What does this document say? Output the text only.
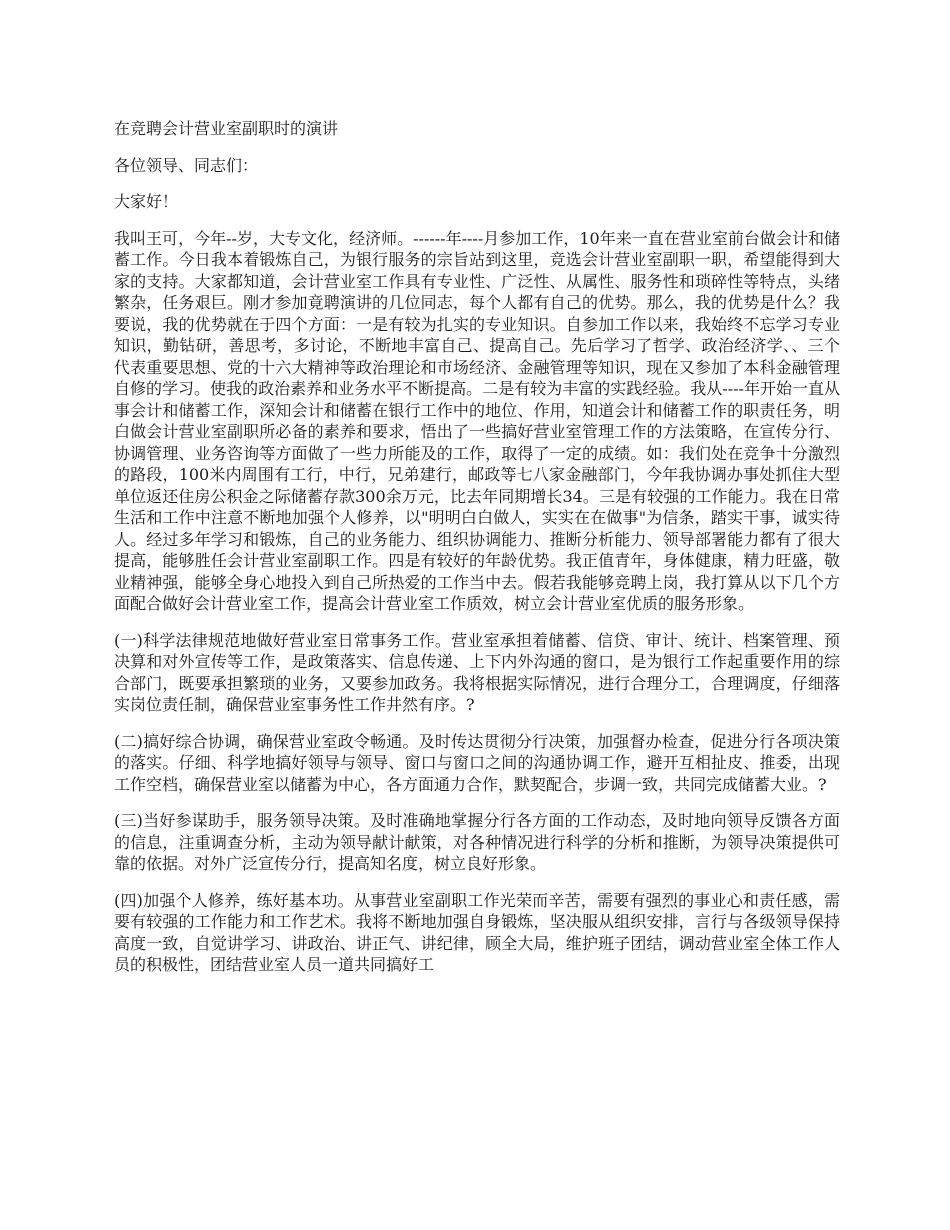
在竞聘会计营业室副职时的演讲

各位领导、同志们：

大家好！

我叫王可，今年--岁，大专文化，经济师。------年----月参加工作，10年来一直在营业室前台做会计和储蓄工作。今日我本着锻炼自己，为银行服务的宗旨站到这里，竞选会计营业室副职一职，希望能得到大家的支持。大家都知道，会计营业室工作具有专业性、广泛性、从属性、服务性和琐碎性等特点，头绪繁杂，任务艰巨。刚才参加竟聘演讲的几位同志，每个人都有自己的优势。那么，我的优势是什么？我要说，我的优势就在于四个方面：一是有较为扎实的专业知识。自参加工作以来，我始终不忘学习专业知识，勤钻研，善思考，多讨论，不断地丰富自己、提高自己。先后学习了哲学、政治经济学、、三个代表重要思想、党的十六大精神等政治理论和市场经济、金融管理等知识，现在又参加了本科金融管理自修的学习。使我的政治素养和业务水平不断提高。二是有较为丰富的实践经验。我从----年开始一直从事会计和储蓄工作，深知会计和储蓄在银行工作中的地位、作用，知道会计和储蓄工作的职责任务，明白做会计营业室副职所必备的素养和要求，悟出了一些搞好营业室管理工作的方法策略，在宣传分行、协调管理、业务咨询等方面做了一些力所能及的工作，取得了一定的成绩。如：我们处在竞争十分激烈的路段，100米内周围有工行，中行，兄弟建行，邮政等七八家金融部门，今年我协调办事处抓住大型单位返还住房公积金之际储蓄存款300余万元，比去年同期增长34。三是有较强的工作能力。我在日常生活和工作中注意不断地加强个人修养，以"明明白白做人，实实在在做事"为信条，踏实干事，诚实待人。经过多年学习和锻炼，自己的业务能力、组织协调能力、推断分析能力、领导部署能力都有了很大提高，能够胜任会计营业室副职工作。四是有较好的年龄优势。我正值青年，身体健康，精力旺盛，敬业精神强，能够全身心地投入到自己所热爱的工作当中去。假若我能够竞聘上岗，我打算从以下几个方面配合做好会计营业室工作，提高会计营业室工作质效，树立会计营业室优质的服务形象。

(一)科学法律规范地做好营业室日常事务工作。营业室承担着储蓄、信贷、审计、统计、档案管理、预决算和对外宣传等工作，是政策落实、信息传递、上下内外沟通的窗口，是为银行工作起重要作用的综合部门，既要承担繁琐的业务，又要参加政务。我将根据实际情况，进行合理分工，合理调度，仔细落实岗位责任制，确保营业室事务性工作井然有序。?

(二)搞好综合协调，确保营业室政令畅通。及时传达贯彻分行决策，加强督办检查，促进分行各项决策的落实。仔细、科学地搞好领导与领导、窗口与窗口之间的沟通协调工作，避开互相扯皮、推委，出现工作空档，确保营业室以储蓄为中心，各方面通力合作，默契配合，步调一致，共同完成储蓄大业。?

(三)当好参谋助手，服务领导决策。及时准确地掌握分行各方面的工作动态，及时地向领导反馈各方面的信息，注重调查分析，主动为领导献计献策，对各种情况进行科学的分析和推断，为领导决策提供可靠的依据。对外广泛宣传分行，提高知名度，树立良好形象。

(四)加强个人修养，练好基本功。从事营业室副职工作光荣而辛苦，需要有强烈的事业心和责任感，需要有较强的工作能力和工作艺术。我将不断地加强自身锻炼，坚决服从组织安排，言行与各级领导保持高度一致，自觉讲学习、讲政治、讲正气、讲纪律，顾全大局，维护班子团结，调动营业室全体工作人员的积极性，团结营业室人员一道共同搞好工
